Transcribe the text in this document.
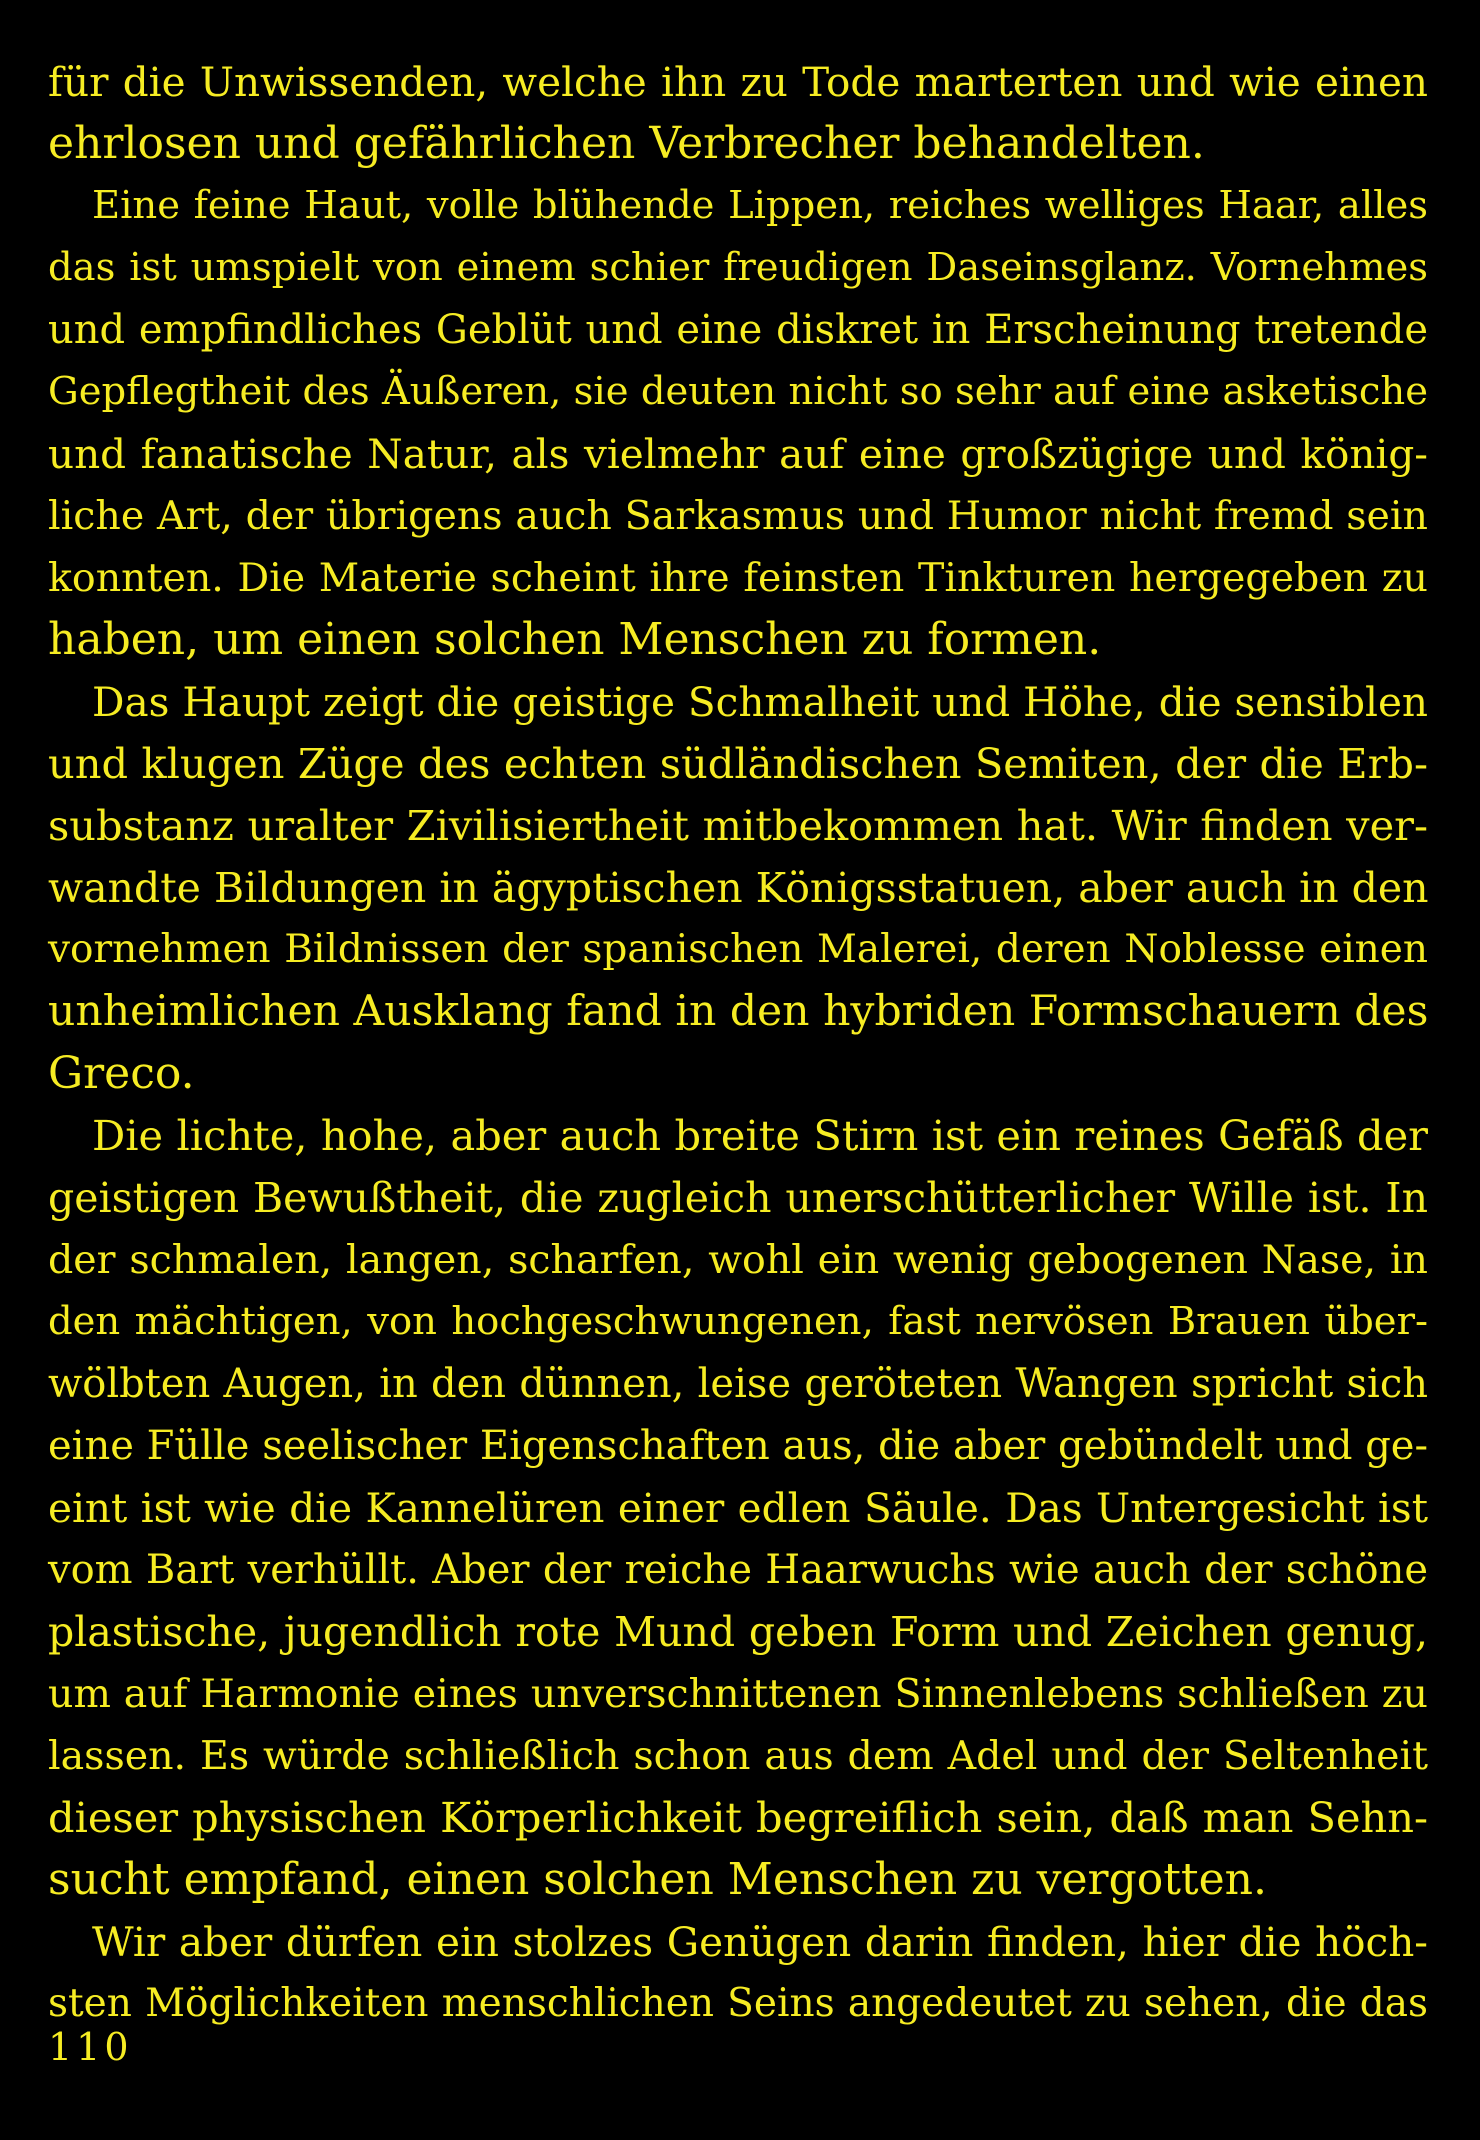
für die Unwissenden, welche ihn zu Tode marterten und wie einen
ehrlosen und gefährlichen Verbrecher behandelten.
Eine feine Haut, volle blühende Lippen, reiches welliges Haar, alles
das ist umspielt von einem schier freudigen Daseinsglanz. Vornehmes
und empfindliches Geblüt und eine diskret in Erscheinung tretende
Gepflegtheit des Äußeren, sie deuten nicht so sehr auf eine asketische
und fanatische Natur, als vielmehr auf eine großzügige und könig-
liche Art, der übrigens auch Sarkasmus und Humor nicht fremd sein
konnten. Die Materie scheint ihre feinsten Tinkturen hergegeben zu
haben, um einen solchen Menschen zu formen.
Das Haupt zeigt die geistige Schmalheit und Höhe, die sensiblen
und klugen Züge des echten südländischen Semiten, der die Erb-
substanz uralter Zivilisiertheit mitbekommen hat. Wir finden ver-
wandte Bildungen in ägyptischen Königsstatuen, aber auch in den
vornehmen Bildnissen der spanischen Malerei, deren Noblesse einen
unheimlichen Ausklang fand in den hybriden Formschauern des
Greco.
Die lichte, hohe, aber auch breite Stirn ist ein reines Gefäß der
geistigen Bewußtheit, die zugleich unerschütterlicher Wille ist. In
der schmalen, langen, scharfen, wohl ein wenig gebogenen Nase, in
den mächtigen, von hochgeschwungenen, fast nervösen Brauen über-
wölbten Augen, in den dünnen, leise geröteten Wangen spricht sich
eine Fülle seelischer Eigenschaften aus, die aber gebündelt und ge-
eint ist wie die Kannelüren einer edlen Säule. Das Untergesicht ist
vom Bart verhüllt. Aber der reiche Haarwuchs wie auch der schöne
plastische, jugendlich rote Mund geben Form und Zeichen genug,
um auf Harmonie eines unverschnittenen Sinnenlebens schließen zu
lassen. Es würde schließlich schon aus dem Adel und der Seltenheit
dieser physischen Körperlichkeit begreiflich sein, daß man Sehn-
sucht empfand, einen solchen Menschen zu vergotten.
Wir aber dürfen ein stolzes Genügen darin finden, hier die höch-
sten Möglichkeiten menschlichen Seins angedeutet zu sehen, die das
110
